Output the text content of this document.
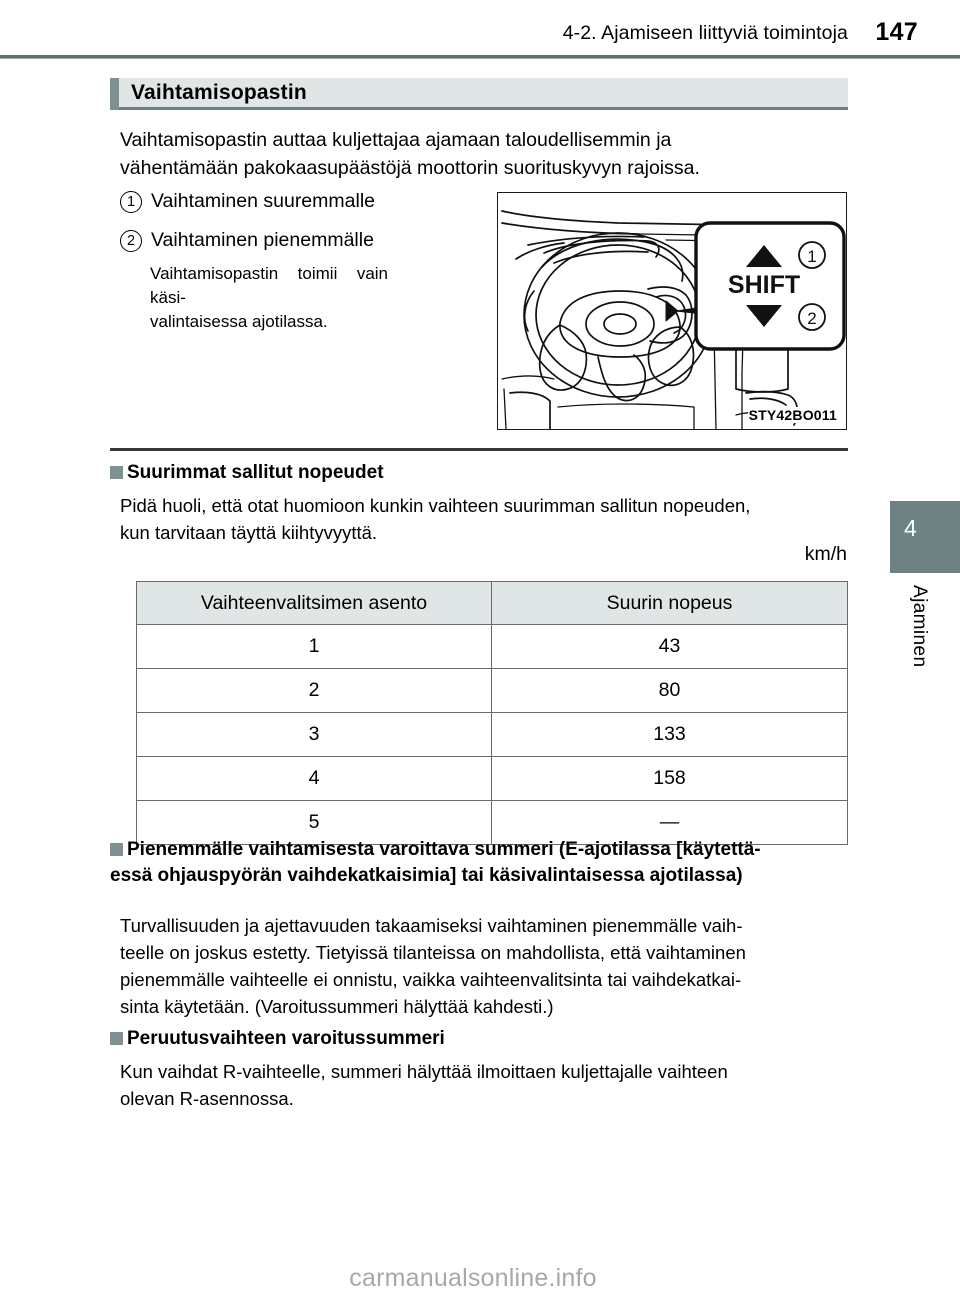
4-2. Ajamiseen liittyviä toimintoja 147
Vaihtamisopastin
Vaihtamisopastin auttaa kuljettajaa ajamaan taloudellisemmin ja
vähentämään pakokaasupäästöjä moottorin suorituskyvyn rajoissa.
1 Vaihtaminen suuremmalle
2 Vaihtaminen pienemmälle
Vaihtamisopastin toimii vain käsi-
valintaisessa ajotilassa.
SHIFT
1
2
STY42BO011
Suurimmat sallitut nopeudet
Pidä huoli, että otat huomioon kunkin vaihteen suurimman sallitun nopeuden,
kun tarvitaan täyttä kiihtyvyyttä.
km/h
Vaihteenvalitsimen asento	Suurin nopeus
1	43
2	80
3	133
4	158
5	—
Pienemmälle vaihtamisesta varoittava summeri (E-ajotilassa [käytettä-
essä ohjauspyörän vaihdekatkaisimia] tai käsivalintaisessa ajotilassa)
Turvallisuuden ja ajettavuuden takaamiseksi vaihtaminen pienemmälle vaih-
teelle on joskus estetty. Tietyissä tilanteissa on mahdollista, että vaihtaminen
pienemmälle vaihteelle ei onnistu, vaikka vaihteenvalitsinta tai vaihdekatkai-
sinta käytetään. (Varoitussummeri hälyttää kahdesti.)
Peruutusvaihteen varoitussummeri
Kun vaihdat R-vaihteelle, summeri hälyttää ilmoittaen kuljettajalle vaihteen
olevan R-asennossa.
4
Ajaminen
carmanualsonline.info
